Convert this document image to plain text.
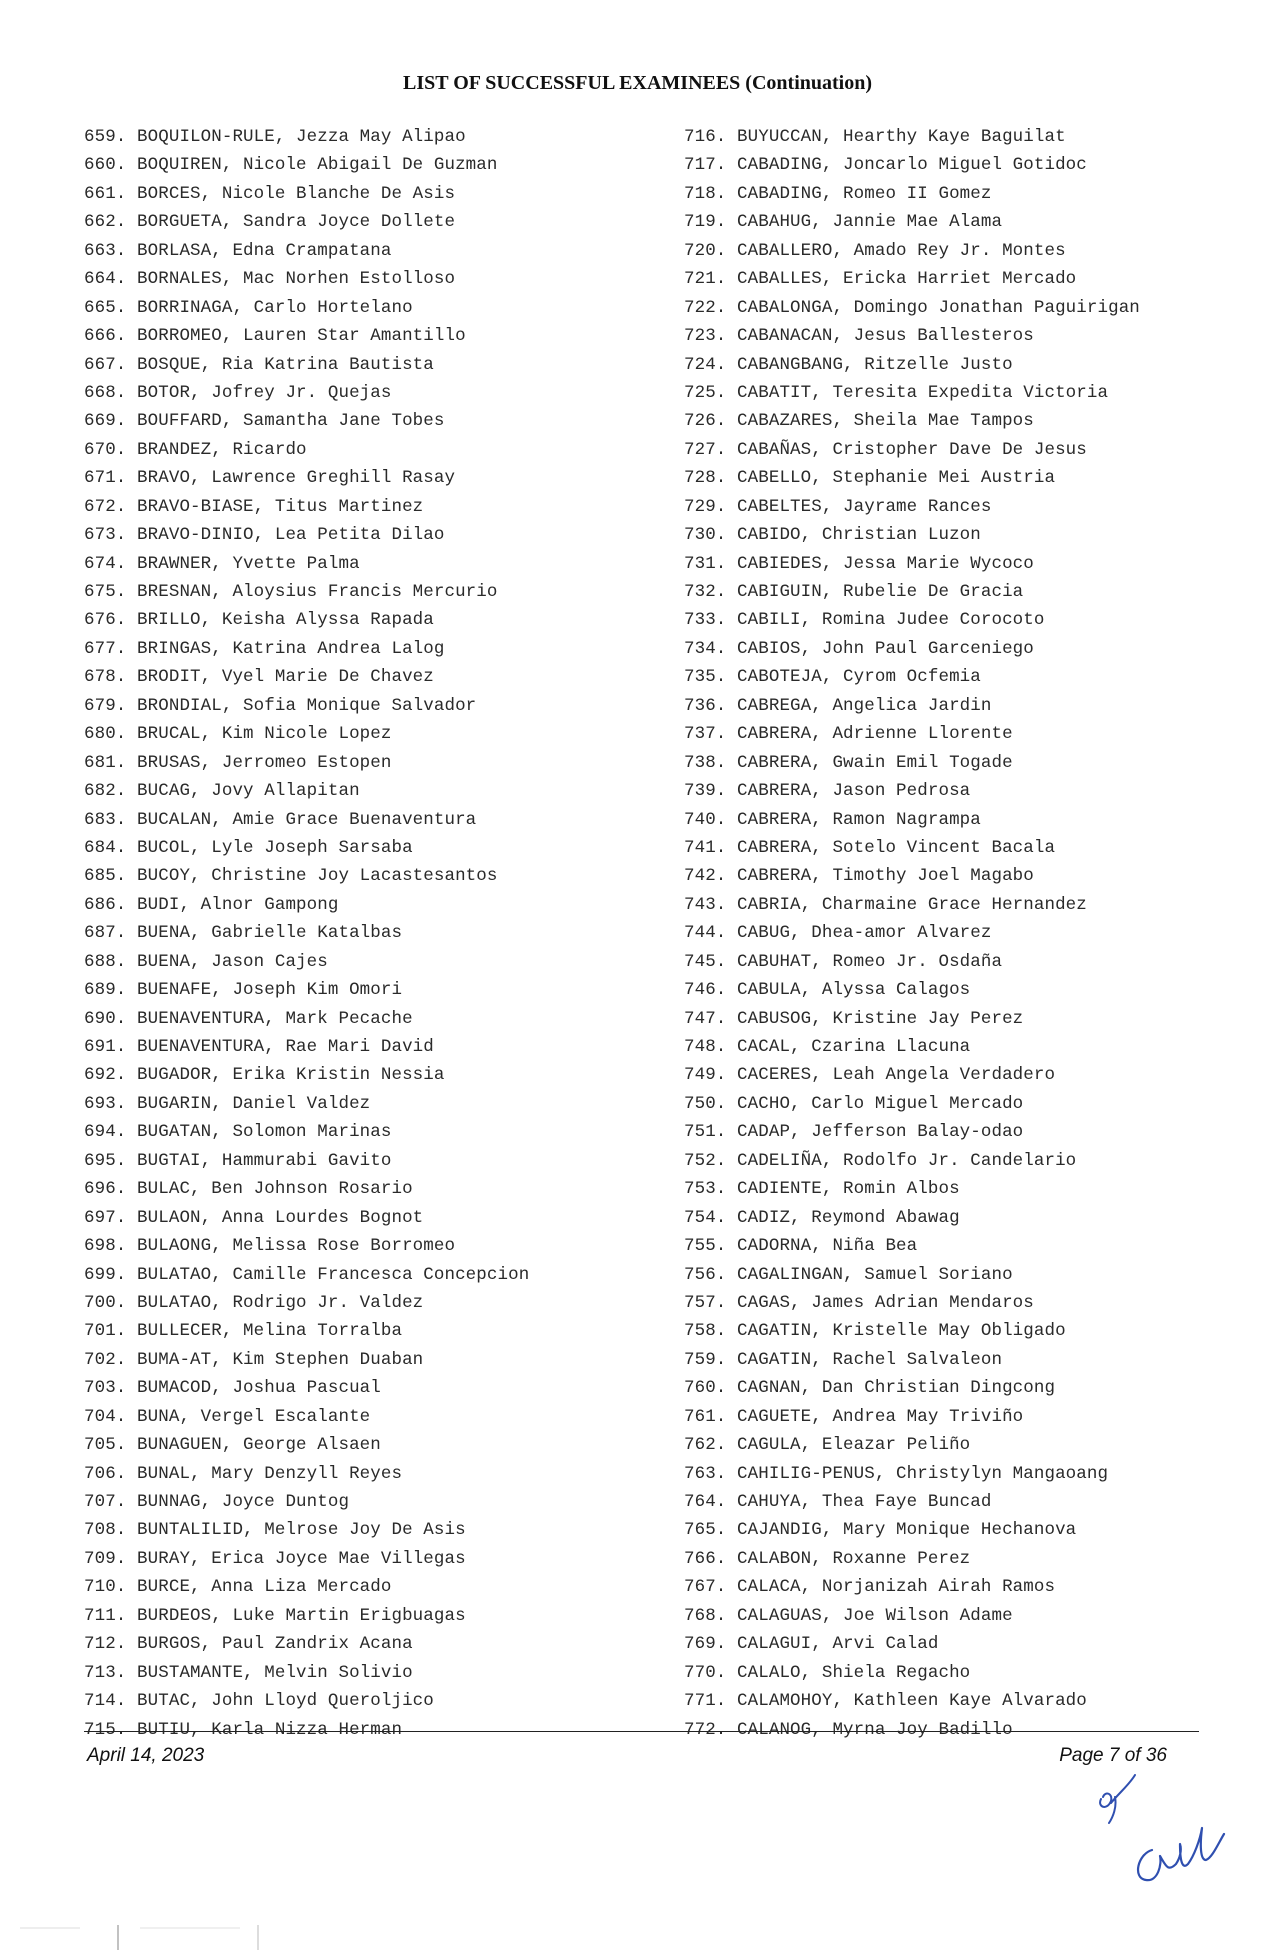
LIST OF SUCCESSFUL EXAMINEES (Continuation)
659. BOQUILON-RULE, Jezza May Alipao
660. BOQUIREN, Nicole Abigail De Guzman
661. BORCES, Nicole Blanche De Asis
662. BORGUETA, Sandra Joyce Dollete
663. BORLASA, Edna Crampatana
664. BORNALES, Mac Norhen Estolloso
665. BORRINAGA, Carlo Hortelano
666. BORROMEO, Lauren Star Amantillo
667. BOSQUE, Ria Katrina Bautista
668. BOTOR, Jofrey Jr. Quejas
669. BOUFFARD, Samantha Jane Tobes
670. BRANDEZ, Ricardo
671. BRAVO, Lawrence Greghill Rasay
672. BRAVO-BIASE, Titus Martinez
673. BRAVO-DINIO, Lea Petita Dilao
674. BRAWNER, Yvette Palma
675. BRESNAN, Aloysius Francis Mercurio
676. BRILLO, Keisha Alyssa Rapada
677. BRINGAS, Katrina Andrea Lalog
678. BRODIT, Vyel Marie De Chavez
679. BRONDIAL, Sofia Monique Salvador
680. BRUCAL, Kim Nicole Lopez
681. BRUSAS, Jerromeo Estopen
682. BUCAG, Jovy Allapitan
683. BUCALAN, Amie Grace Buenaventura
684. BUCOL, Lyle Joseph Sarsaba
685. BUCOY, Christine Joy Lacastesantos
686. BUDI, Alnor Gampong
687. BUENA, Gabrielle Katalbas
688. BUENA, Jason Cajes
689. BUENAFE, Joseph Kim Omori
690. BUENAVENTURA, Mark Pecache
691. BUENAVENTURA, Rae Mari David
692. BUGADOR, Erika Kristin Nessia
693. BUGARIN, Daniel Valdez
694. BUGATAN, Solomon Marinas
695. BUGTAI, Hammurabi Gavito
696. BULAC, Ben Johnson Rosario
697. BULAON, Anna Lourdes Bognot
698. BULAONG, Melissa Rose Borromeo
699. BULATAO, Camille Francesca Concepcion
700. BULATAO, Rodrigo Jr. Valdez
701. BULLECER, Melina Torralba
702. BUMA-AT, Kim Stephen Duaban
703. BUMACOD, Joshua Pascual
704. BUNA, Vergel Escalante
705. BUNAGUEN, George Alsaen
706. BUNAL, Mary Denzyll Reyes
707. BUNNAG, Joyce Duntog
708. BUNTALILID, Melrose Joy De Asis
709. BURAY, Erica Joyce Mae Villegas
710. BURCE, Anna Liza Mercado
711. BURDEOS, Luke Martin Erigbuagas
712. BURGOS, Paul Zandrix Acana
713. BUSTAMANTE, Melvin Solivio
714. BUTAC, John Lloyd Queroljico
715. BUTIU, Karla Nizza Herman
716. BUYUCCAN, Hearthy Kaye Baguilat
717. CABADING, Joncarlo Miguel Gotidoc
718. CABADING, Romeo II Gomez
719. CABAHUG, Jannie Mae Alama
720. CABALLERO, Amado Rey Jr. Montes
721. CABALLES, Ericka Harriet Mercado
722. CABALONGA, Domingo Jonathan Paguirigan
723. CABANACAN, Jesus Ballesteros
724. CABANGBANG, Ritzelle Justo
725. CABATIT, Teresita Expedita Victoria
726. CABAZARES, Sheila Mae Tampos
727. CABAÑAS, Cristopher Dave De Jesus
728. CABELLO, Stephanie Mei Austria
729. CABELTES, Jayrame Rances
730. CABIDO, Christian Luzon
731. CABIEDES, Jessa Marie Wycoco
732. CABIGUIN, Rubelie De Gracia
733. CABILI, Romina Judee Corocoto
734. CABIOS, John Paul Garceniego
735. CABOTEJA, Cyrom Ocfemia
736. CABREGA, Angelica Jardin
737. CABRERA, Adrienne Llorente
738. CABRERA, Gwain Emil Togade
739. CABRERA, Jason Pedrosa
740. CABRERA, Ramon Nagrampa
741. CABRERA, Sotelo Vincent Bacala
742. CABRERA, Timothy Joel Magabo
743. CABRIA, Charmaine Grace Hernandez
744. CABUG, Dhea-amor Alvarez
745. CABUHAT, Romeo Jr. Osdaña
746. CABULA, Alyssa Calagos
747. CABUSOG, Kristine Jay Perez
748. CACAL, Czarina Llacuna
749. CACERES, Leah Angela Verdadero
750. CACHO, Carlo Miguel Mercado
751. CADAP, Jefferson Balay-odao
752. CADELIÑA, Rodolfo Jr. Candelario
753. CADIENTE, Romin Albos
754. CADIZ, Reymond Abawag
755. CADORNA, Niña Bea
756. CAGALINGAN, Samuel Soriano
757. CAGAS, James Adrian Mendaros
758. CAGATIN, Kristelle May Obligado
759. CAGATIN, Rachel Salvaleon
760. CAGNAN, Dan Christian Dingcong
761. CAGUETE, Andrea May Triviño
762. CAGULA, Eleazar Peliño
763. CAHILIG-PENUS, Christylyn Mangaoang
764. CAHUYA, Thea Faye Buncad
765. CAJANDIG, Mary Monique Hechanova
766. CALABON, Roxanne Perez
767. CALACA, Norjanizah Airah Ramos
768. CALAGUAS, Joe Wilson Adame
769. CALAGUI, Arvi Calad
770. CALALO, Shiela Regacho
771. CALAMOHOY, Kathleen Kaye Alvarado
772. CALANOG, Myrna Joy Badillo
April 14, 2023	Page 7 of 36
